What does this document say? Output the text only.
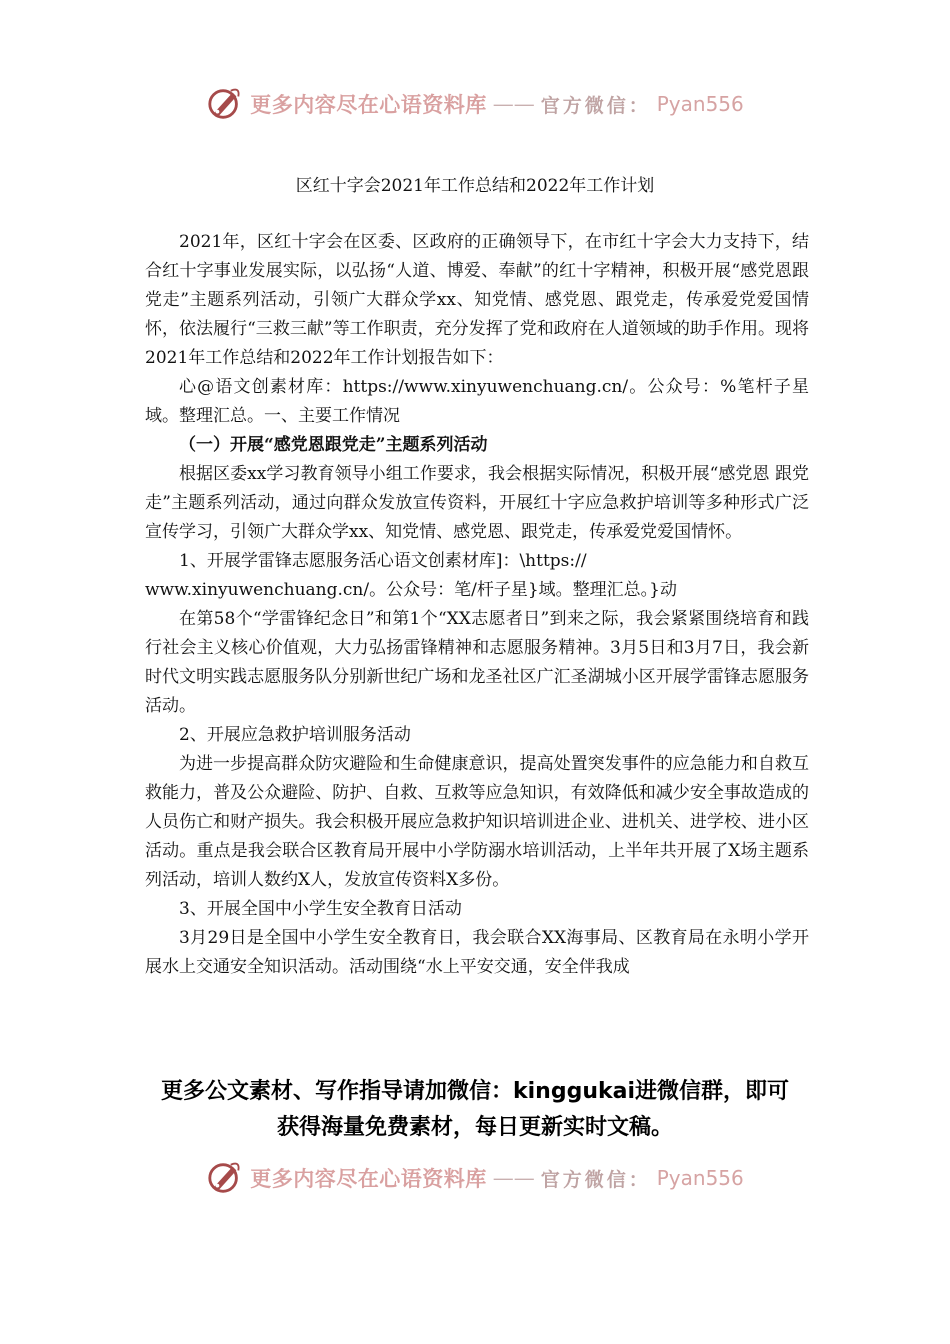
更多内容尽在心语资料库 —— 官方微信： Pyan556
区红十字会2021年工作总结和2022年工作计划

2021年，区红十字会在区委、区政府的正确领导下，在市红十字会大力支持下，结合红十字事业发展实际，以弘扬“人道、博爱、奉献”的红十字精神，积极开展“感党恩跟党走”主题系列活动，引领广大群众学xx、知党情、感党恩、跟党走，传承爱党爱国情怀，依法履行“三救三献”等工作职责，充分发挥了党和政府在人道领域的助手作用。现将2021年工作总结和2022年工作计划报告如下：

心@语文创素材库：https://www.xinyuwenchuang.cn/。公众号：%笔杆子星域。整理汇总。一、主要工作情况

（一）开展“感党恩跟党走”主题系列活动

根据区委xx学习教育领导小组工作要求，我会根据实际情况，积极开展“感党恩 跟党走”主题系列活动，通过向群众发放宣传资料，开展红十字应急救护培训等多种形式广泛宣传学习，引领广大群众学xx、知党情、感党恩、跟党走，传承爱党爱国情怀。

1、开展学雷锋志愿服务活心语文创素材库]：\https://

www.xinyuwenchuang.cn/。公众号：笔/杆子星}域。整理汇总。}动

在第58个“学雷锋纪念日”和第1个“XX志愿者日”到来之际，我会紧紧围绕培育和践行社会主义核心价值观，大力弘扬雷锋精神和志愿服务精神。3月5日和3月7日，我会新时代文明实践志愿服务队分别新世纪广场和龙圣社区广汇圣湖城小区开展学雷锋志愿服务活动。

2、开展应急救护培训服务活动

为进一步提高群众防灾避险和生命健康意识，提高处置突发事件的应急能力和自救互救能力，普及公众避险、防护、自救、互救等应急知识，有效降低和减少安全事故造成的人员伤亡和财产损失。我会积极开展应急救护知识培训进企业、进机关、进学校、进小区活动。重点是我会联合区教育局开展中小学防溺水培训活动，上半年共开展了X场主题系列活动，培训人数约X人，发放宣传资料X多份。

3、开展全国中小学生安全教育日活动

3月29日是全国中小学生安全教育日，我会联合XX海事局、区教育局在永明小学开展水上交通安全知识活动。活动围绕“水上平安交通，安全伴我成

更多公文素材、写作指导请加微信：kinggukai进微信群，即可
获得海量免费素材，每日更新实时文稿。
更多内容尽在心语资料库 —— 官方微信： Pyan556
